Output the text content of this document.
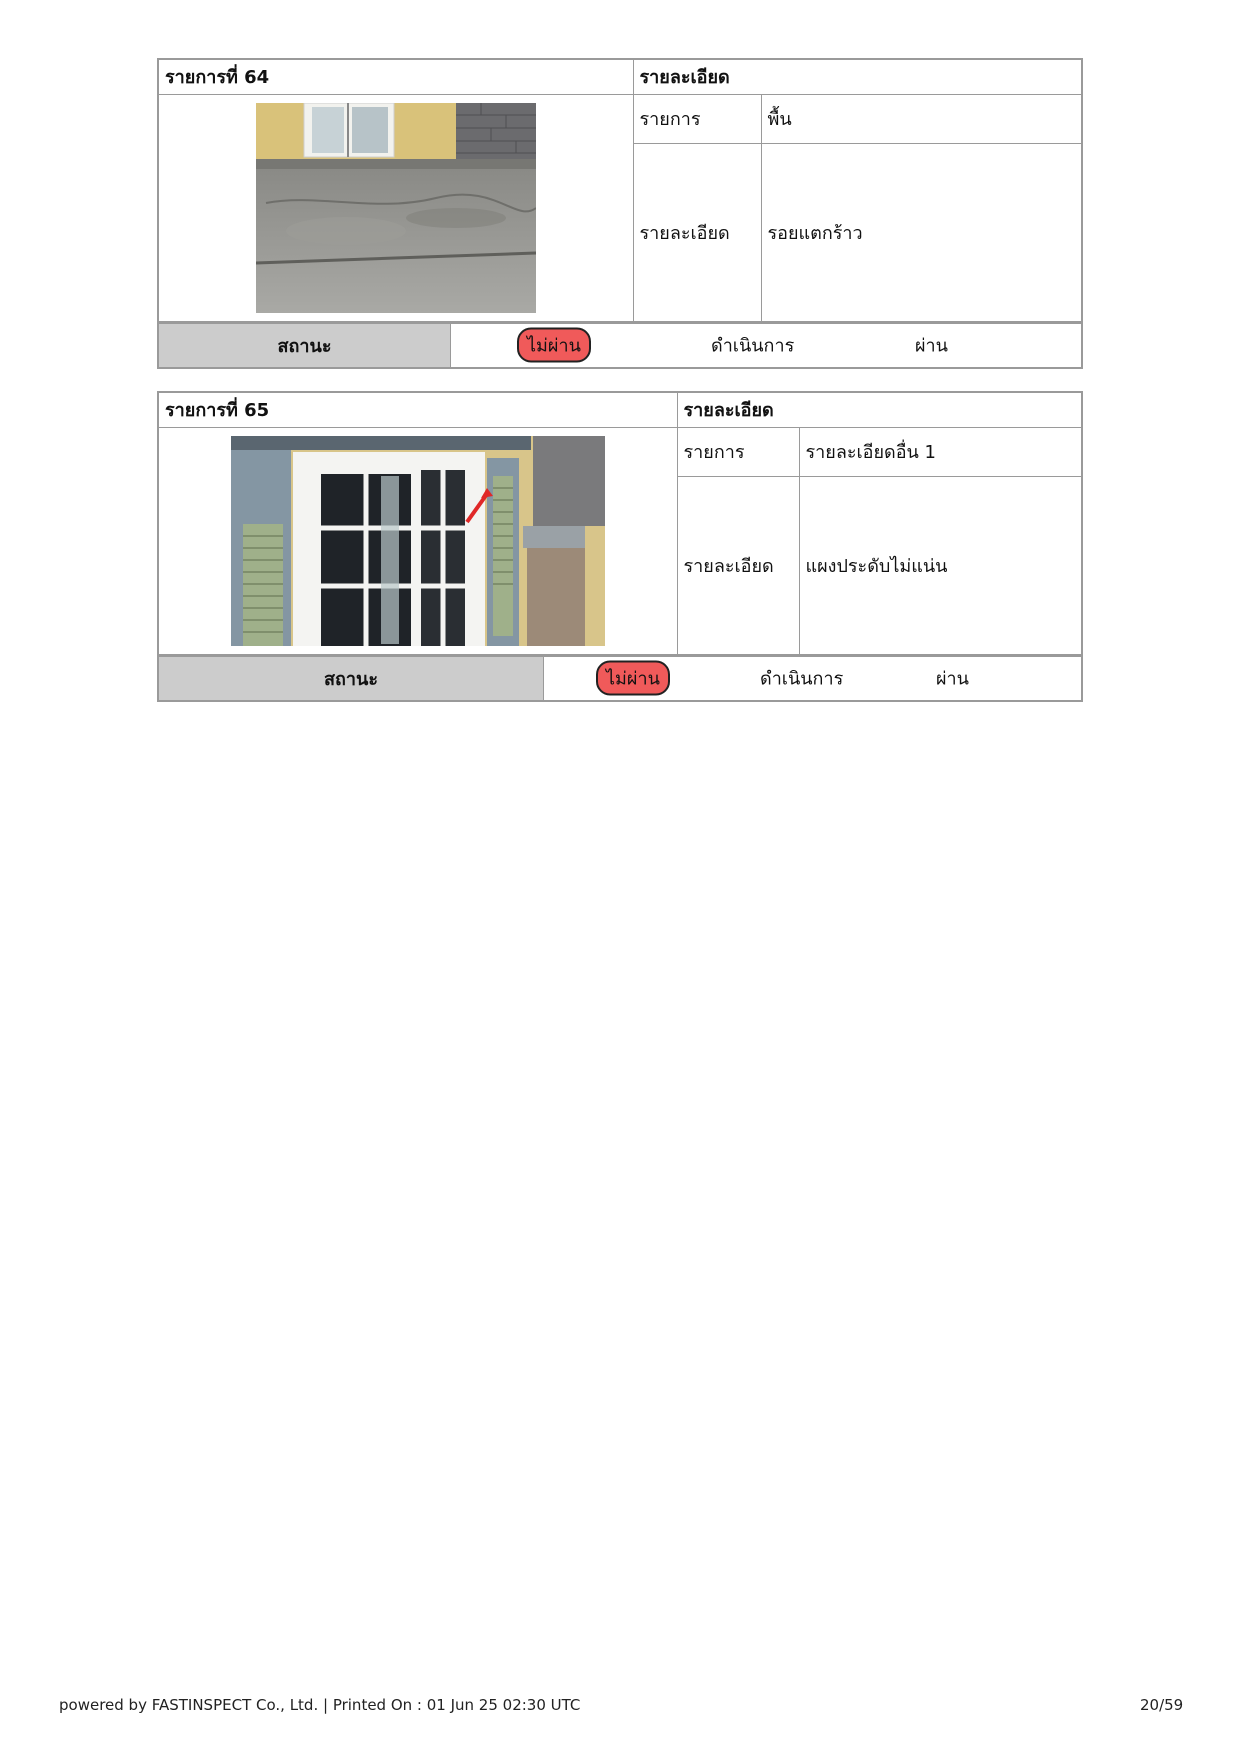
รายการที่ 64	รายละเอียด	

	รายการ	พื้น
	รายละเอียด	รอยแตกร้าว
สถานะ	ไม่ผ่าน	ดำเนินการ	ผ่าน
รายการที่ 65	รายละเอียด	

	รายการ	รายละเอียดอื่น 1
	รายละเอียด	แผงประดับไม่แน่น
สถานะ	ไม่ผ่าน	ดำเนินการ	ผ่าน
powered by FASTINSPECT Co., Ltd. | Printed On : 01 Jun 25 02:30 UTC	20/59
